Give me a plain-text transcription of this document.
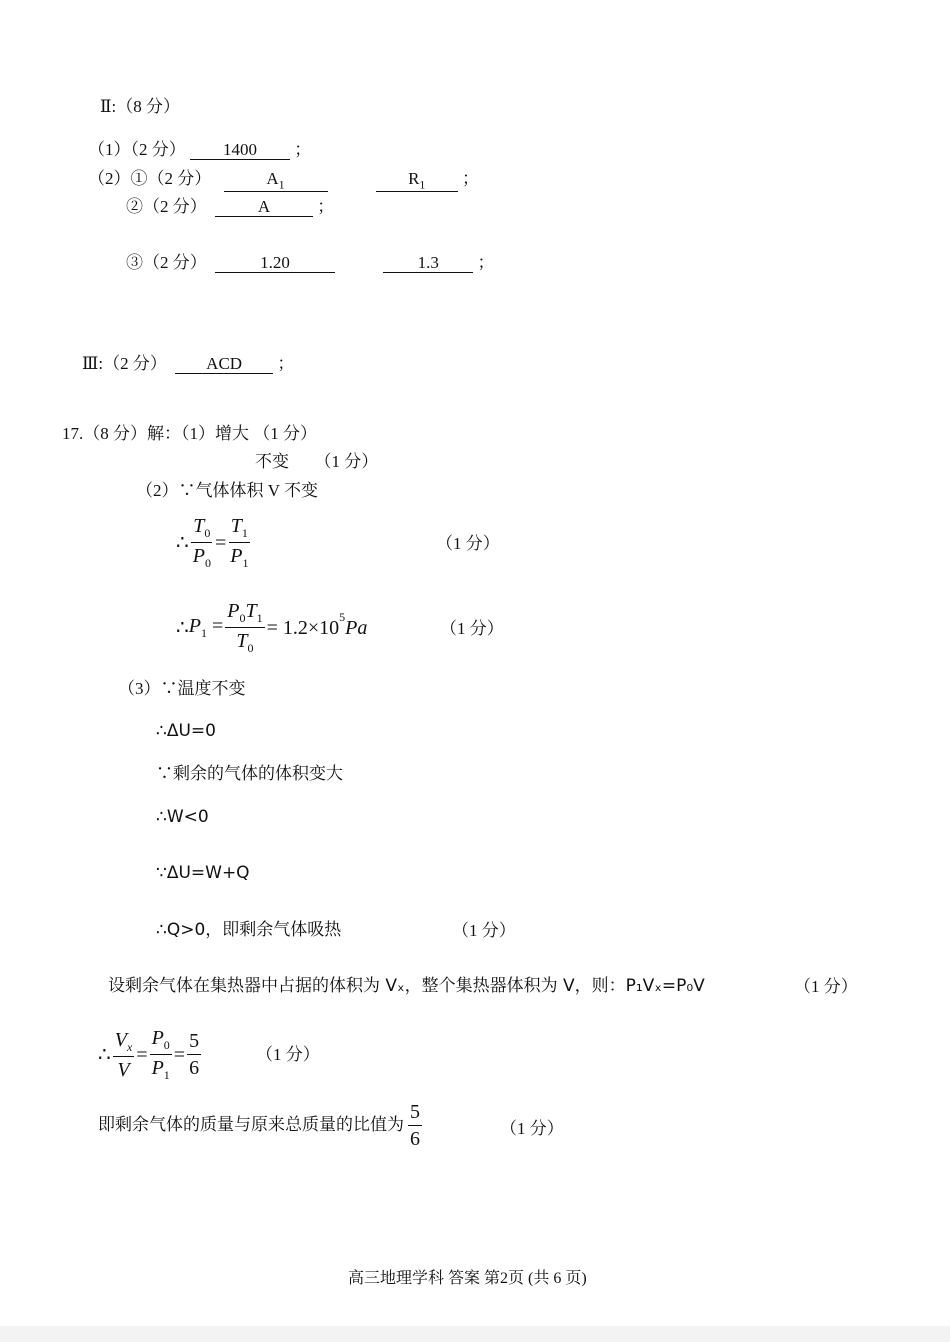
Ⅱ:（8 分）
（1）（2 分） 1400 ；
（2）①（2 分）	$A_1$	$R_1$ ；
②（2 分）	A	；
③（2 分）	1.20	1.3 ；
Ⅲ:（2 分） ACD ；
17.（8 分）解：（1）增大 （1 分）
不变　　（1 分）
（2）∵气体体积 V 不变
∴ $\frac{T_0}{P_0} = \frac{T_1}{P_1}$	（1 分）
∴ $P_1 = \frac{P_0T_1}{T_0} = 1.2\times 10^5$ Pa	（1 分）
（3）∵温度不变
∴ΔU=0
∵剩余的气体的体积变大
∴W<0
∵ΔU=W+Q
∴Q>0，即剩余气体吸热	（1 分）
设剩余气体在集热器中占据的体积为 Vₓ，整个集热器体积为 V，则：P₁Vₓ=P₀V	（1 分）
∴ $\frac{V_x}{V} = \frac{P_0}{P_1} = \frac{5}{6}$	（1 分）
即剩余气体的质量与原来总质量的比值为 $\frac{5}{6}$	（1 分）
高三地理学科 答案 第2页 (共 6 页)
